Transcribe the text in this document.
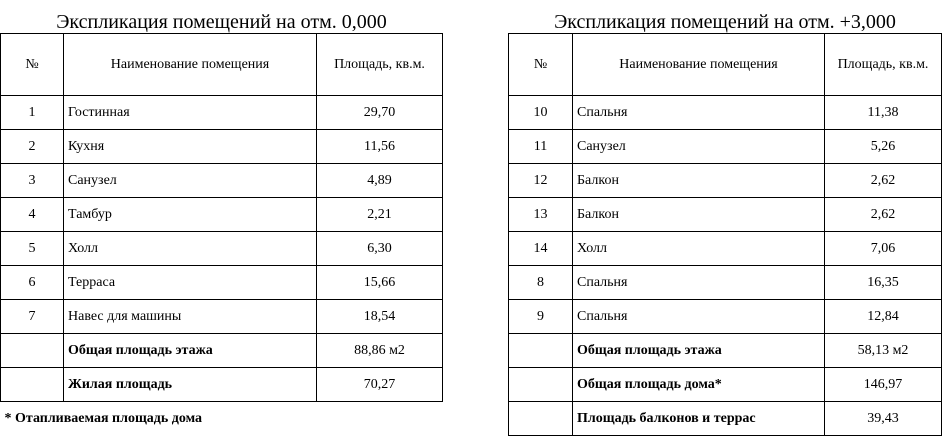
Экспликация помещений на отм. 0,000
№	Наименование помещения	Площадь, кв.м.
1	Гостинная	29,70
2	Кухня	11,56
3	Санузел	4,89
4	Тамбур	2,21
5	Холл	6,30
6	Терраса	15,66
7	Навес для машины	18,54
	Общая площадь этажа	88,86 м2
	Жилая площадь	70,27
* Отапливаемая площадь дома		
Экспликация помещений на отм. +3,000
№	Наименование помещения	Площадь, кв.м.
10	Спальня	11,38
11	Санузел	5,26
12	Балкон	2,62
13	Балкон	2,62
14	Холл	7,06
8	Спальня	16,35
9	Спальня	12,84
	Общая площадь этажа	58,13 м2
	Общая площадь дома*	146,97
	Площадь балконов и террас	39,43
